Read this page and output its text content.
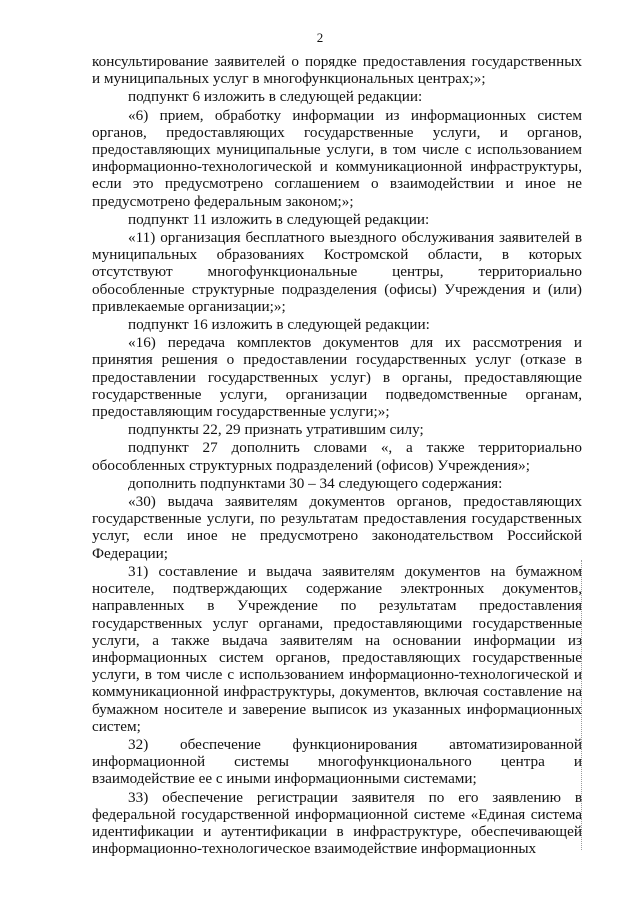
2

консультирование заявителей о порядке предоставления государственных и муниципальных услуг в многофункциональных центрах;»;

подпункт 6 изложить в следующей редакции:

«6) прием, обработку информации из информационных систем органов, предоставляющих государственные услуги, и органов, предоставляющих муниципальные услуги, в том числе с использованием информационно-технологической и коммуникационной инфраструктуры, если это предусмотрено соглашением о взаимодействии и иное не предусмотрено федеральным законом;»;

подпункт 11 изложить в следующей редакции:

«11) организация бесплатного выездного обслуживания заявителей в муниципальных образованиях Костромской области, в которых отсутствуют многофункциональные центры, территориально обособленные структурные подразделения (офисы) Учреждения и (или) привлекаемые организации;»;

подпункт 16 изложить в следующей редакции:

«16) передача комплектов документов для их рассмотрения и принятия решения о предоставлении государственных услуг (отказе в предоставлении государственных услуг) в органы, предоставляющие государственные услуги, организации подведомственные органам, предоставляющим государственные услуги;»;

подпункты 22, 29 признать утратившим силу;

подпункт 27 дополнить словами «, а также территориально обособленных структурных подразделений (офисов) Учреждения»;

дополнить подпунктами 30 – 34 следующего содержания:

«30) выдача заявителям документов органов, предоставляющих государственные услуги, по результатам предоставления государственных услуг, если иное не предусмотрено законодательством Российской Федерации;

31) составление и выдача заявителям документов на бумажном носителе, подтверждающих содержание электронных документов, направленных в Учреждение по результатам предоставления государственных услуг органами, предоставляющими государственные услуги, а также выдача заявителям на основании информации из информационных систем органов, предоставляющих государственные услуги, в том числе с использованием информационно-технологической и коммуникационной инфраструктуры, документов, включая составление на бумажном носителе и заверение выписок из указанных информационных систем;

32) обеспечение функционирования автоматизированной информационной системы многофункционального центра и взаимодействие ее с иными информационными системами;

33) обеспечение регистрации заявителя по его заявлению в федеральной государственной информационной системе «Единая система идентификации и аутентификации в инфраструктуре, обеспечивающей информационно-технологическое взаимодействие информационных
